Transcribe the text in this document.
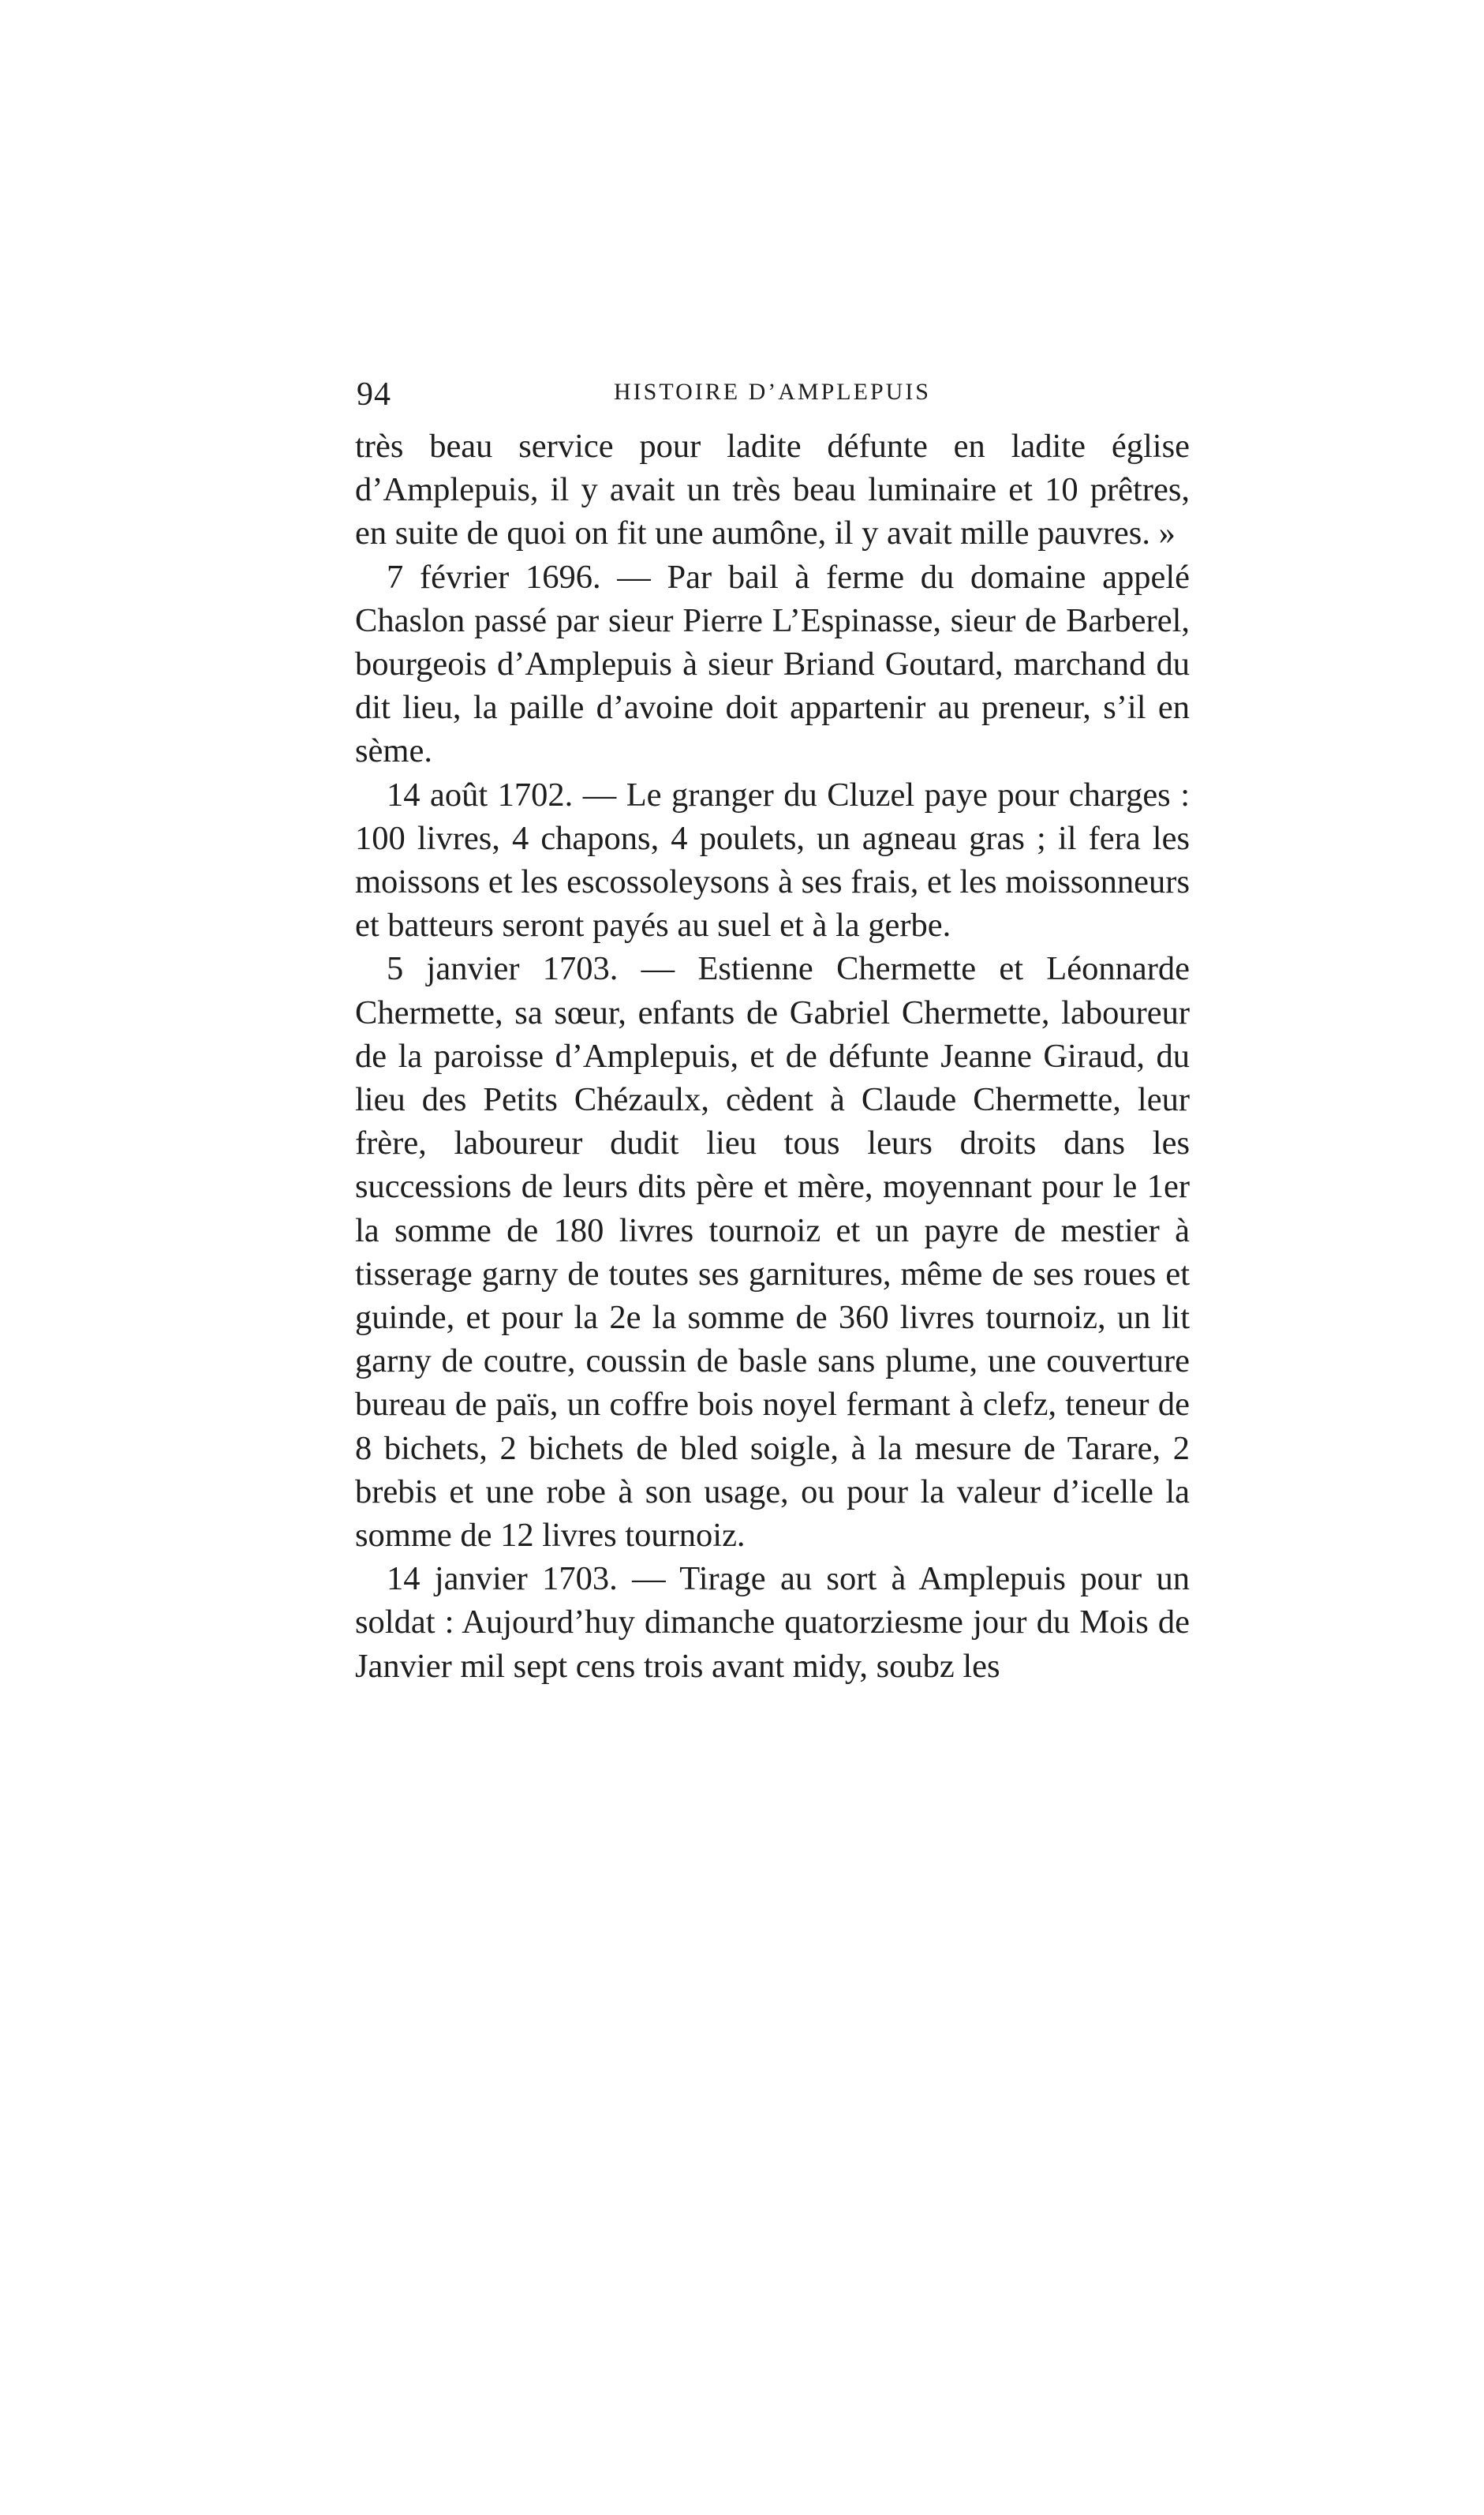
94	HISTOIRE D’AMPLEPUIS

très beau service pour ladite défunte en ladite église d’Amplepuis, il y avait un très beau luminaire et 10 prêtres, en suite de quoi on fit une aumône, il y avait mille pauvres. »

7 février 1696. — Par bail à ferme du domaine appelé Chaslon passé par sieur Pierre L’Espinasse, sieur de Barberel, bourgeois d’Amplepuis à sieur Briand Goutard, marchand du dit lieu, la paille d’avoine doit appartenir au preneur, s’il en sème.

14 août 1702. — Le granger du Cluzel paye pour charges : 100 livres, 4 chapons, 4 poulets, un agneau gras ; il fera les moissons et les escossoleysons à ses frais, et les moissonneurs et batteurs seront payés au suel et à la gerbe.

5 janvier 1703. — Estienne Chermette et Léonnarde Chermette, sa sœur, enfants de Gabriel Chermette, laboureur de la paroisse d’Amplepuis, et de défunte Jeanne Giraud, du lieu des Petits Chézaulx, cèdent à Claude Chermette, leur frère, laboureur dudit lieu tous leurs droits dans les successions de leurs dits père et mère, moyennant pour le 1er la somme de 180 livres tournoiz et un payre de mestier à tisserage garny de toutes ses garnitures, même de ses roues et guinde, et pour la 2e la somme de 360 livres tournoiz, un lit garny de coutre, coussin de basle sans plume, une couverture bureau de païs, un coffre bois noyel fermant à clefz, teneur de 8 bichets, 2 bichets de bled soigle, à la mesure de Tarare, 2 brebis et une robe à son usage, ou pour la valeur d’icelle la somme de 12 livres tournoiz.

14 janvier 1703. — Tirage au sort à Amplepuis pour un soldat : Aujourd’huy dimanche quatorziesme jour du Mois de Janvier mil sept cens trois avant midy, soubz les
